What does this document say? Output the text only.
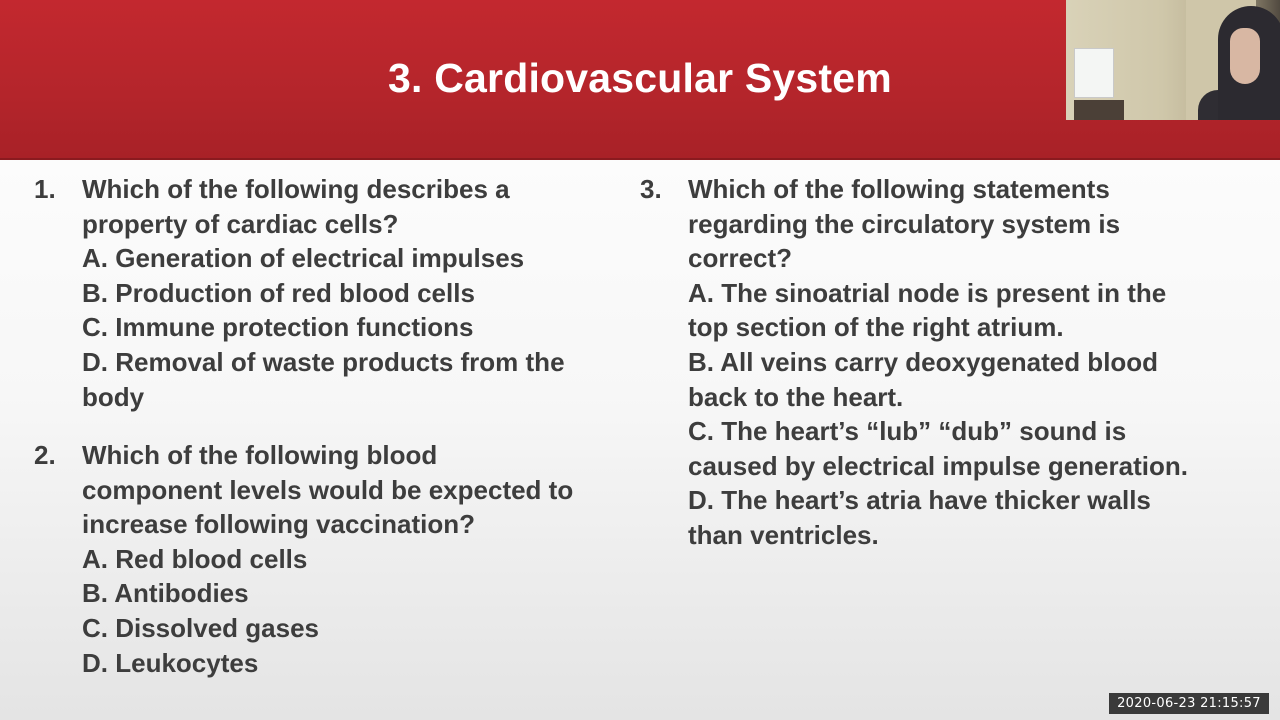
3. Cardiovascular System
1. Which of the following describes a
property of cardiac cells?
A. Generation of electrical impulses
B. Production of red blood cells
C. Immune protection functions
D. Removal of waste products from the
body
2. Which of the following blood
component levels would be expected to
increase following vaccination?
A. Red blood cells
B. Antibodies
C. Dissolved gases
D. Leukocytes
3. Which of the following statements
regarding the circulatory system is
correct?
A. The sinoatrial node is present in the
top section of the right atrium.
B. All veins carry deoxygenated blood
back to the heart.
C. The heart’s “lub” “dub” sound is
caused by electrical impulse generation.
D. The heart’s atria have thicker walls
than ventricles.
2020-06-23 21:15:57
